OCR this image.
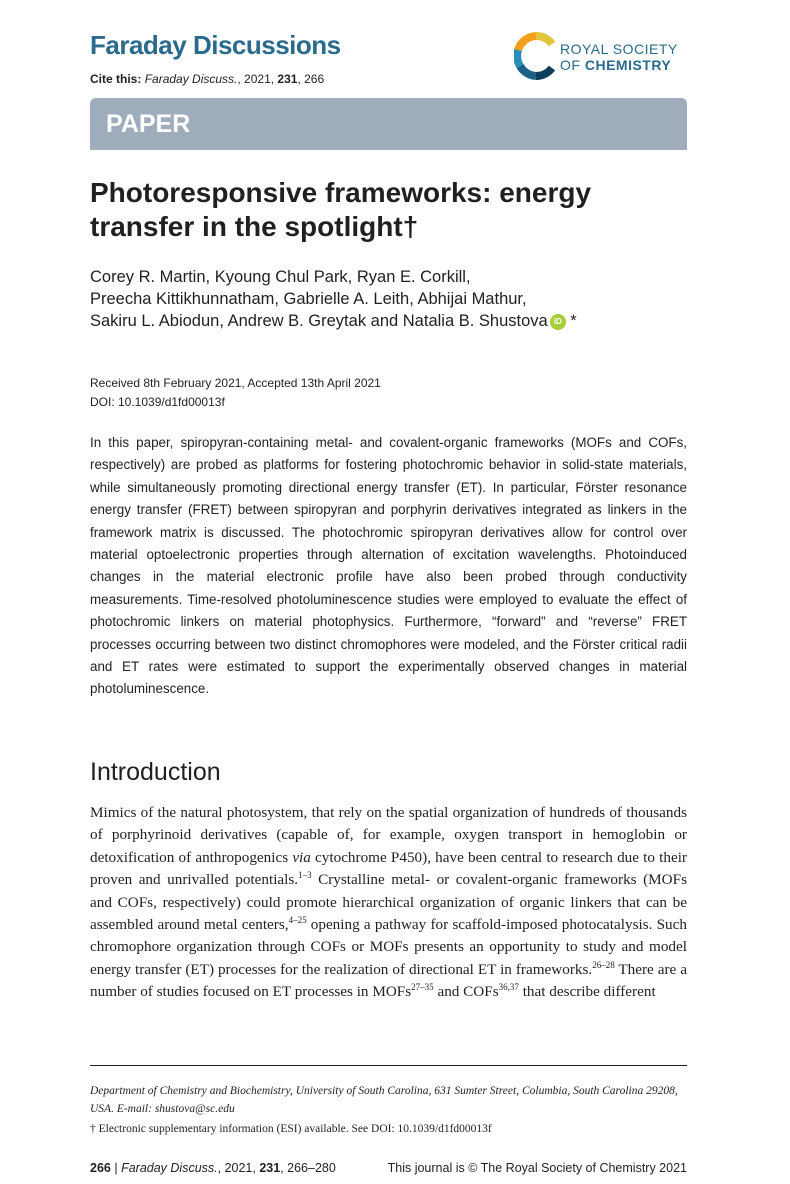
Faraday Discussions
Cite this: Faraday Discuss., 2021, 231, 266
ROYAL SOCIETY
OF CHEMISTRY
PAPER
Photoresponsive frameworks: energy transfer in the spotlight†
Corey R. Martin, Kyoung Chul Park, Ryan E. Corkill,
Preecha Kittikhunnatham, Gabrielle A. Leith, Abhijai Mathur,
Sakiru L. Abiodun, Andrew B. Greytak and Natalia B. Shustova iD *
Received 8th February 2021, Accepted 13th April 2021
DOI: 10.1039/d1fd00013f
In this paper, spiropyran-containing metal- and covalent-organic frameworks (MOFs and COFs, respectively) are probed as platforms for fostering photochromic behavior in solid-state materials, while simultaneously promoting directional energy transfer (ET). In particular, Förster resonance energy transfer (FRET) between spiropyran and porphyrin derivatives integrated as linkers in the framework matrix is discussed. The photochromic spiropyran derivatives allow for control over material optoelectronic properties through alternation of excitation wavelengths. Photoinduced changes in the material electronic profile have also been probed through conductivity measurements. Time-resolved photoluminescence studies were employed to evaluate the effect of photochromic linkers on material photophysics. Furthermore, “forward” and “reverse” FRET processes occurring between two distinct chromophores were modeled, and the Förster critical radii and ET rates were estimated to support the experimentally observed changes in material photoluminescence.
Introduction
Mimics of the natural photosystem, that rely on the spatial organization of hundreds of thousands of porphyrinoid derivatives (capable of, for example, oxygen transport in hemoglobin or detoxification of anthropogenics via cytochrome P450), have been central to research due to their proven and unrivalled potentials.$^{1-3}$ Crystalline metal- or covalent-organic frameworks (MOFs and COFs, respectively) could promote hierarchical organization of organic linkers that can be assembled around metal centers,$^{4-25}$ opening a pathway for scaffold-imposed photocatalysis. Such chromophore organization through COFs or MOFs presents an opportunity to study and model energy transfer (ET) processes for the realization of directional ET in frameworks.$^{26-28}$ There are a number of studies focused on ET processes in MOFs$^{27-35}$ and COFs$^{36,37}$ that describe different
Department of Chemistry and Biochemistry, University of South Carolina, 631 Sumter Street, Columbia, South Carolina 29208, USA. E-mail: shustova@sc.edu
† Electronic supplementary information (ESI) available. See DOI: 10.1039/d1fd00013f
266 | Faraday Discuss., 2021, 231, 266–280	This journal is © The Royal Society of Chemistry 2021
